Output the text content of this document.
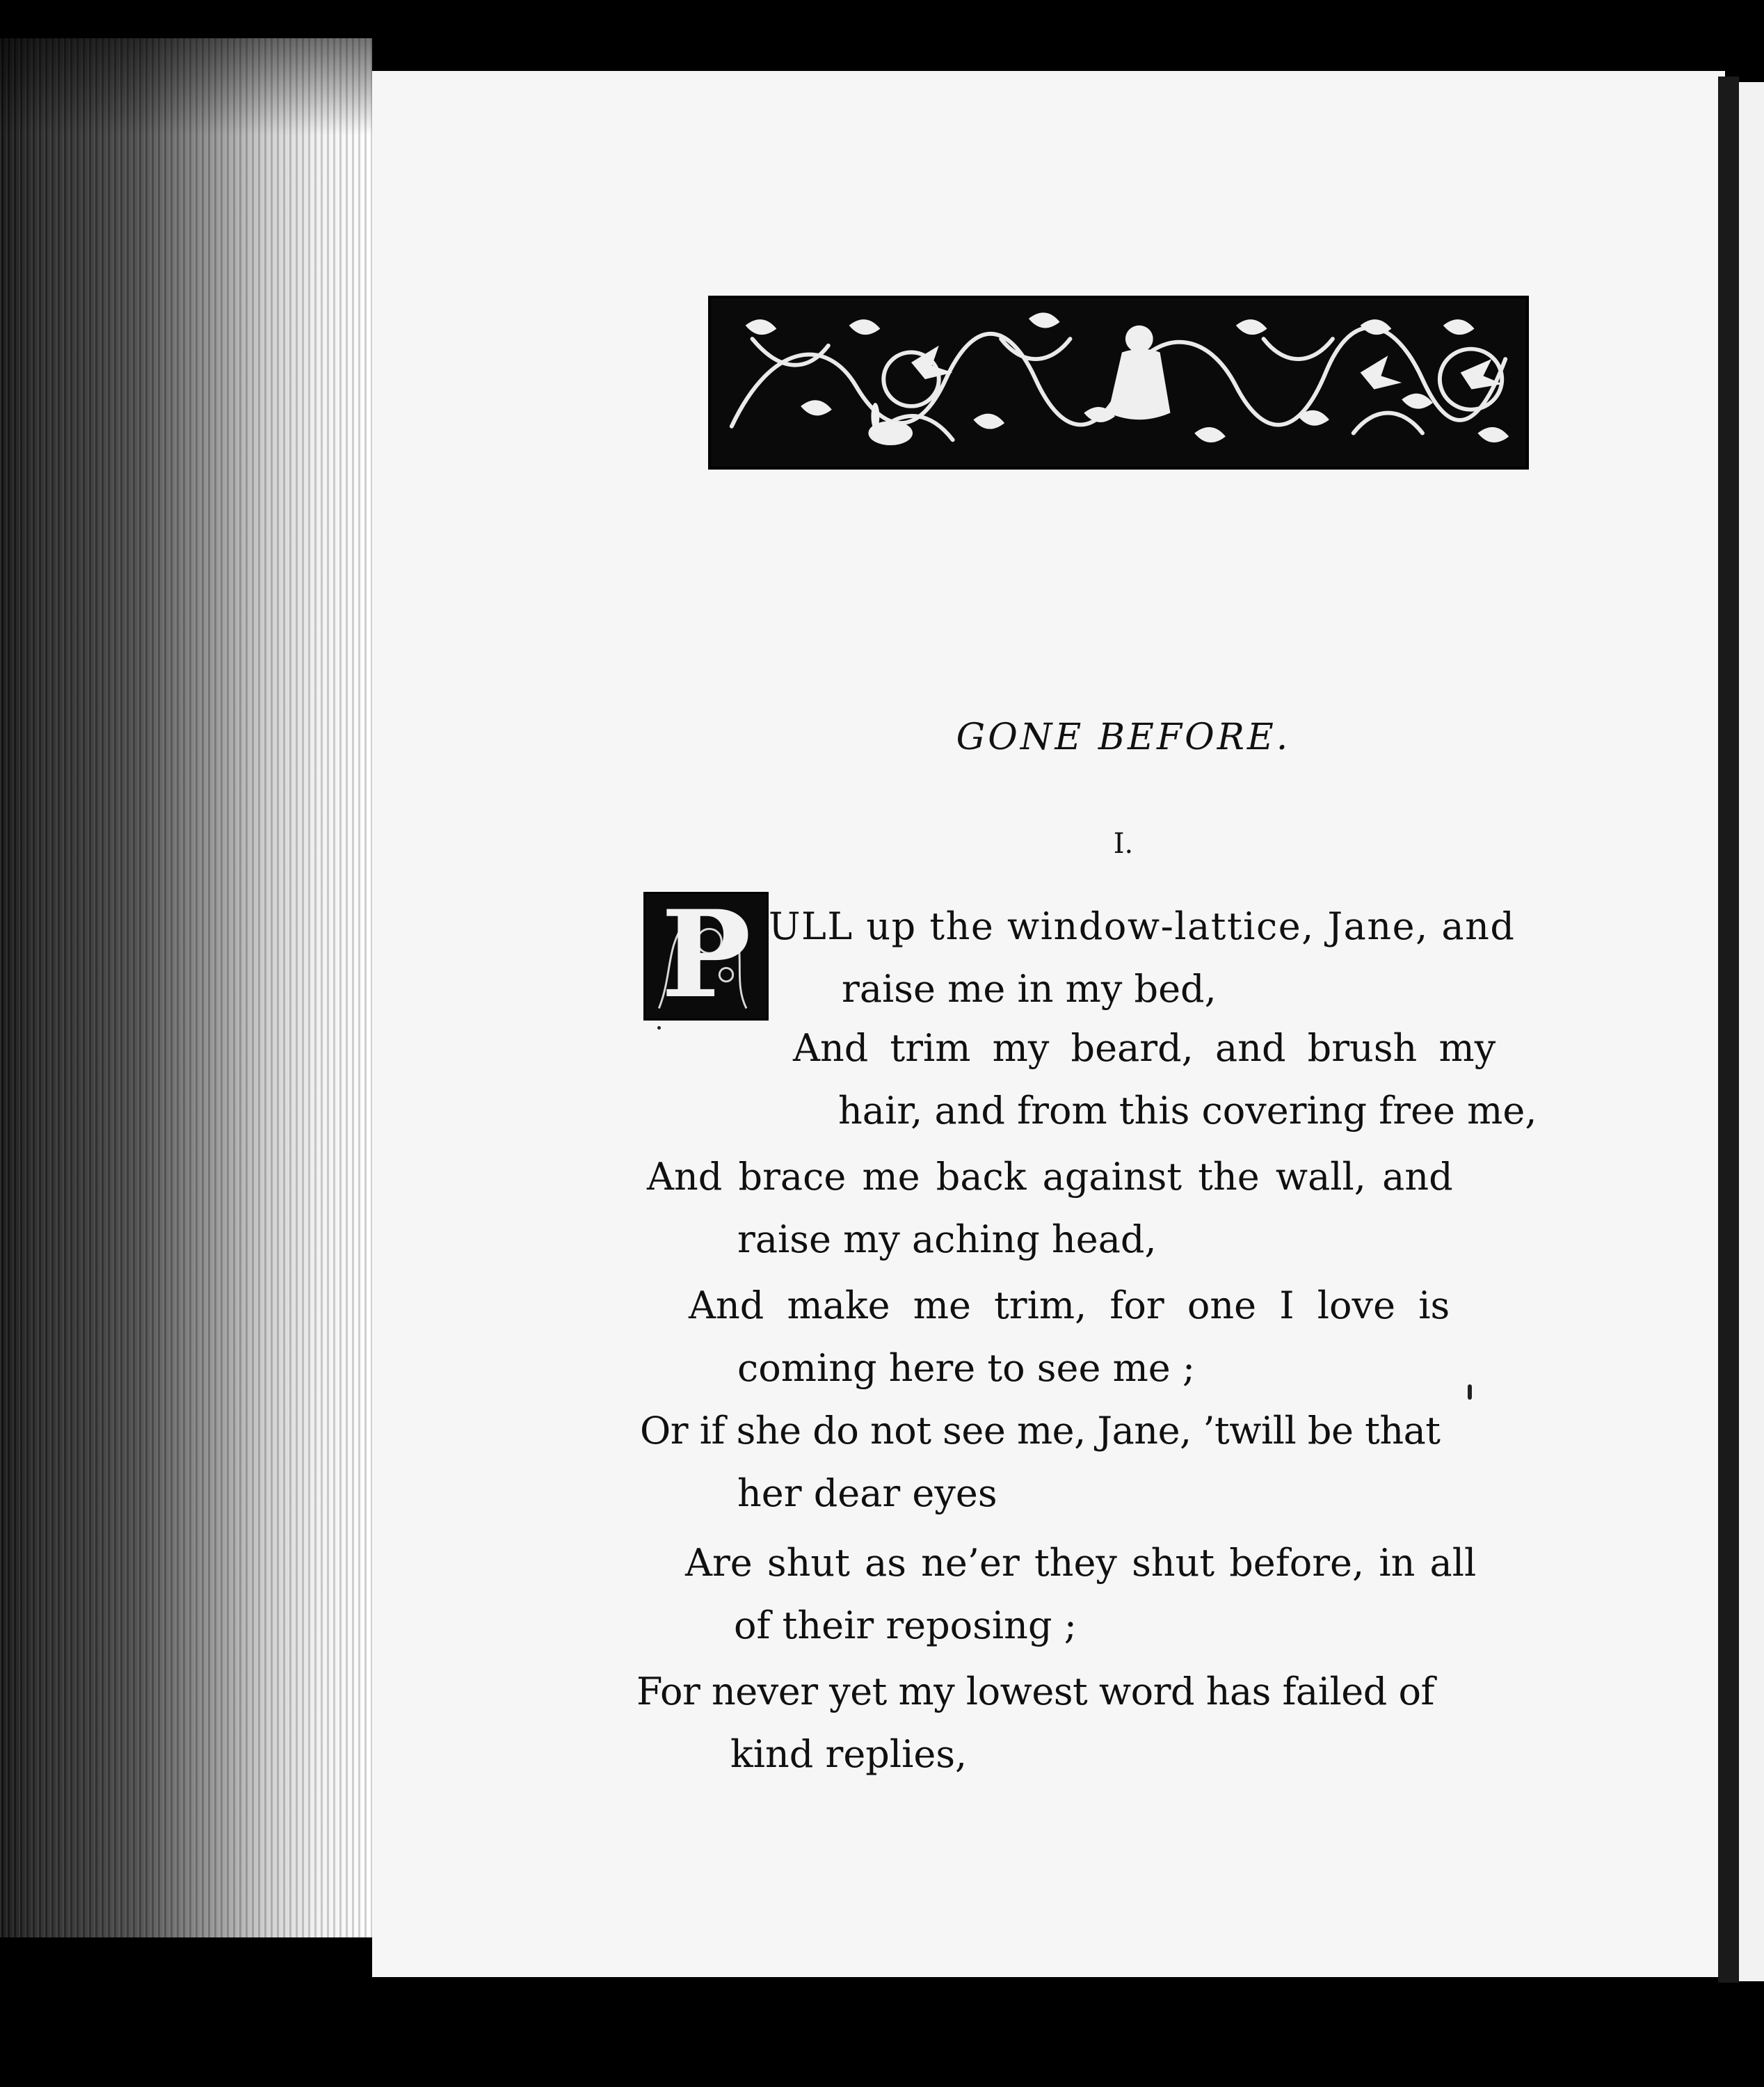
GONE BEFORE.
I.
P ULL up the window-lattice, Jane, and
raise me in my bed,
And trim my beard, and brush my
hair, and from this covering free me,
And brace me back against the wall, and
raise my aching head,
And make me trim, for one I love is
coming here to see me ;
Or if she do not see me, Jane, ’twill be that
her dear eyes
Are shut as ne’er they shut before, in all
of their reposing ;
For never yet my lowest word has failed of
kind replies,
